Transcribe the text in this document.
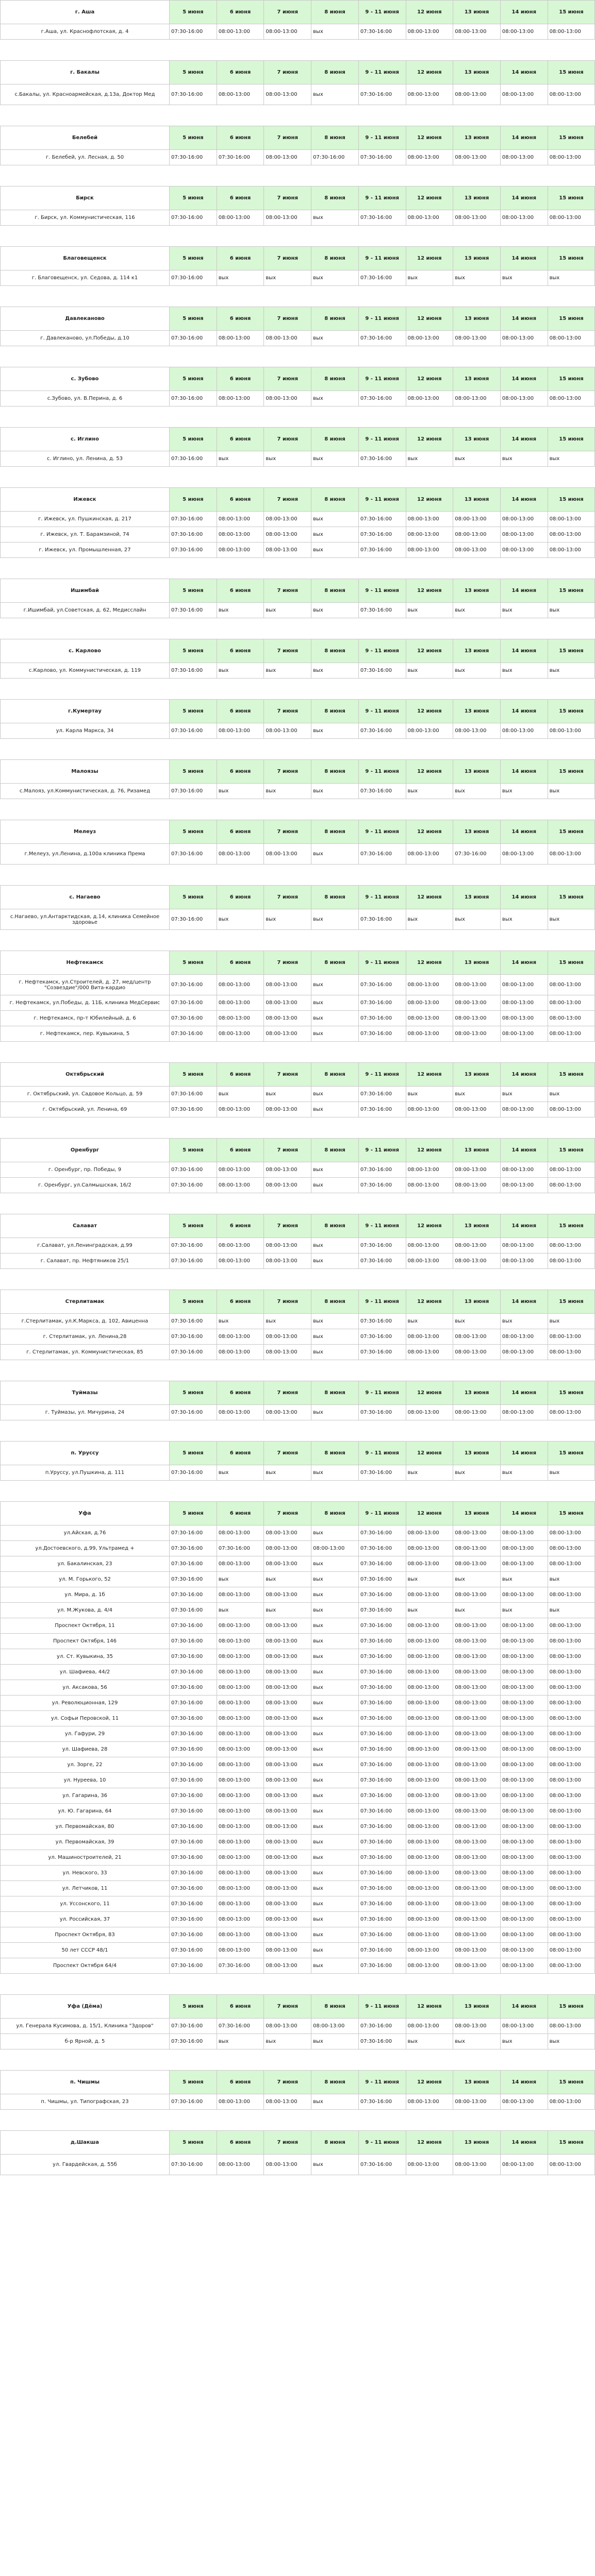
г. Аша	5 июня	6 июня	7 июня	8 июня	9 - 11 июня	12 июня	13 июня	14 июня	15 июня
г.Аша, ул. Краснофлотская, д. 4	07:30-16:00	08:00-13:00	08:00-13:00	вых	07:30-16:00	08:00-13:00	08:00-13:00	08:00-13:00	08:00-13:00
г. Бакалы	5 июня	6 июня	7 июня	8 июня	9 - 11 июня	12 июня	13 июня	14 июня	15 июня
с.Бакалы, ул. Красноармейская, д.13а, Доктор Мед	07:30-16:00	08:00-13:00	08:00-13:00	вых	07:30-16:00	08:00-13:00	08:00-13:00	08:00-13:00	08:00-13:00
Белебей	5 июня	6 июня	7 июня	8 июня	9 - 11 июня	12 июня	13 июня	14 июня	15 июня
г. Белебей, ул. Лесная, д. 50	07:30-16:00	07:30-16:00	08:00-13:00	07:30-16:00	07:30-16:00	08:00-13:00	08:00-13:00	08:00-13:00	08:00-13:00
Бирск	5 июня	6 июня	7 июня	8 июня	9 - 11 июня	12 июня	13 июня	14 июня	15 июня
г. Бирск, ул. Коммунистическая, 116	07:30-16:00	08:00-13:00	08:00-13:00	вых	07:30-16:00	08:00-13:00	08:00-13:00	08:00-13:00	08:00-13:00
Благовещенск	5 июня	6 июня	7 июня	8 июня	9 - 11 июня	12 июня	13 июня	14 июня	15 июня
г. Благовещенск, ул. Седова, д. 114 к1	07:30-16:00	вых	вых	вых	07:30-16:00	вых	вых	вых	вых
Давлеканово	5 июня	6 июня	7 июня	8 июня	9 - 11 июня	12 июня	13 июня	14 июня	15 июня
г. Давлеканово, ул.Победы, д.10	07:30-16:00	08:00-13:00	08:00-13:00	вых	07:30-16:00	08:00-13:00	08:00-13:00	08:00-13:00	08:00-13:00
с. Зубово	5 июня	6 июня	7 июня	8 июня	9 - 11 июня	12 июня	13 июня	14 июня	15 июня
с.Зубово, ул. В.Перина, д. 6	07:30-16:00	08:00-13:00	08:00-13:00	вых	07:30-16:00	08:00-13:00	08:00-13:00	08:00-13:00	08:00-13:00
с. Иглино	5 июня	6 июня	7 июня	8 июня	9 - 11 июня	12 июня	13 июня	14 июня	15 июня
с. Иглино, ул. Ленина, д. 53	07:30-16:00	вых	вых	вых	07:30-16:00	вых	вых	вых	вых
Ижевск	5 июня	6 июня	7 июня	8 июня	9 - 11 июня	12 июня	13 июня	14 июня	15 июня
г. Ижевск, ул. Пушкинская, д. 217	07:30-16:00	08:00-13:00	08:00-13:00	вых	07:30-16:00	08:00-13:00	08:00-13:00	08:00-13:00	08:00-13:00
г. Ижевск, ул. Т. Барамзиной, 74	07:30-16:00	08:00-13:00	08:00-13:00	вых	07:30-16:00	08:00-13:00	08:00-13:00	08:00-13:00	08:00-13:00
г. Ижевск, ул. Промышленная, 27	07:30-16:00	08:00-13:00	08:00-13:00	вых	07:30-16:00	08:00-13:00	08:00-13:00	08:00-13:00	08:00-13:00
Ишимбай	5 июня	6 июня	7 июня	8 июня	9 - 11 июня	12 июня	13 июня	14 июня	15 июня
г.Ишимбай, ул.Советская, д. 62, Медисслайн	07:30-16:00	вых	вых	вых	07:30-16:00	вых	вых	вых	вых
с. Карлово	5 июня	6 июня	7 июня	8 июня	9 - 11 июня	12 июня	13 июня	14 июня	15 июня
с.Карлово, ул. Коммунистическая, д. 119	07:30-16:00	вых	вых	вых	07:30-16:00	вых	вых	вых	вых
г.Кумертау	5 июня	6 июня	7 июня	8 июня	9 - 11 июня	12 июня	13 июня	14 июня	15 июня
ул. Карла Маркса, 34	07:30-16:00	08:00-13:00	08:00-13:00	вых	07:30-16:00	08:00-13:00	08:00-13:00	08:00-13:00	08:00-13:00
Малоязы	5 июня	6 июня	7 июня	8 июня	9 - 11 июня	12 июня	13 июня	14 июня	15 июня
с.Малояз, ул.Коммунистическая, д. 76, Ризамед	07:30-16:00	вых	вых	вых	07:30-16:00	вых	вых	вых	вых
Мелеуз	5 июня	6 июня	7 июня	8 июня	9 - 11 июня	12 июня	13 июня	14 июня	15 июня
г.Мелеуз, ул.Ленина, д.100а клиника Према	07:30-16:00	08:00-13:00	08:00-13:00	вых	07:30-16:00	08:00-13:00	07:30-16:00	08:00-13:00	08:00-13:00
с. Нагаево	5 июня	6 июня	7 июня	8 июня	9 - 11 июня	12 июня	13 июня	14 июня	15 июня
с.Нагаево, ул.Антарктидская, д.14, клиника Семейное здоровье	07:30-16:00	вых	вых	вых	07:30-16:00	вых	вых	вых	вых
Нефтекамск	5 июня	6 июня	7 июня	8 июня	9 - 11 июня	12 июня	13 июня	14 июня	15 июня
г. Нефтекамск, ул.Строителей, д. 27, мед/центр "Созвездие"/000 Вита-кардио	07:30-16:00	08:00-13:00	08:00-13:00	вых	07:30-16:00	08:00-13:00	08:00-13:00	08:00-13:00	08:00-13:00
г. Нефтекамск, ул.Победы, д. 11Б, клиника МедСервис	07:30-16:00	08:00-13:00	08:00-13:00	вых	07:30-16:00	08:00-13:00	08:00-13:00	08:00-13:00	08:00-13:00
г. Нефтекамск, пр-т Юбилейный, д. 6	07:30-16:00	08:00-13:00	08:00-13:00	вых	07:30-16:00	08:00-13:00	08:00-13:00	08:00-13:00	08:00-13:00
г. Нефтекамск, пер. Кувыкина, 5	07:30-16:00	08:00-13:00	08:00-13:00	вых	07:30-16:00	08:00-13:00	08:00-13:00	08:00-13:00	08:00-13:00
Октябрьский	5 июня	6 июня	7 июня	8 июня	9 - 11 июня	12 июня	13 июня	14 июня	15 июня
г. Октябрьский, ул. Садовое Кольцо, д. 59	07:30-16:00	вых	вых	вых	07:30-16:00	вых	вых	вых	вых
г. Октябрьский, ул. Ленина, 69	07:30-16:00	08:00-13:00	08:00-13:00	вых	07:30-16:00	08:00-13:00	08:00-13:00	08:00-13:00	08:00-13:00
Оренбург	5 июня	6 июня	7 июня	8 июня	9 - 11 июня	12 июня	13 июня	14 июня	15 июня
г. Оренбург, пр. Победы, 9	07:30-16:00	08:00-13:00	08:00-13:00	вых	07:30-16:00	08:00-13:00	08:00-13:00	08:00-13:00	08:00-13:00
г. Оренбург, ул.Салмышская, 16/2	07:30-16:00	08:00-13:00	08:00-13:00	вых	07:30-16:00	08:00-13:00	08:00-13:00	08:00-13:00	08:00-13:00
Салават	5 июня	6 июня	7 июня	8 июня	9 - 11 июня	12 июня	13 июня	14 июня	15 июня
г.Салават, ул.Ленинградская, д.99	07:30-16:00	08:00-13:00	08:00-13:00	вых	07:30-16:00	08:00-13:00	08:00-13:00	08:00-13:00	08:00-13:00
г. Салават, пр. Нефтяников 25/1	07:30-16:00	08:00-13:00	08:00-13:00	вых	07:30-16:00	08:00-13:00	08:00-13:00	08:00-13:00	08:00-13:00
Стерлитамак	5 июня	6 июня	7 июня	8 июня	9 - 11 июня	12 июня	13 июня	14 июня	15 июня
г.Стерлитамак, ул.К.Маркса, д. 102, Авиценна	07:30-16:00	вых	вых	вых	07:30-16:00	вых	вых	вых	вых
г. Стерлитамак, ул. Ленина,28	07:30-16:00	08:00-13:00	08:00-13:00	вых	07:30-16:00	08:00-13:00	08:00-13:00	08:00-13:00	08:00-13:00
г. Стерлитамак, ул. Коммунистическая, 85	07:30-16:00	08:00-13:00	08:00-13:00	вых	07:30-16:00	08:00-13:00	08:00-13:00	08:00-13:00	08:00-13:00
Туймазы	5 июня	6 июня	7 июня	8 июня	9 - 11 июня	12 июня	13 июня	14 июня	15 июня
г. Туймазы, ул. Мичурина, 24	07:30-16:00	08:00-13:00	08:00-13:00	вых	07:30-16:00	08:00-13:00	08:00-13:00	08:00-13:00	08:00-13:00
п. Уруссу	5 июня	6 июня	7 июня	8 июня	9 - 11 июня	12 июня	13 июня	14 июня	15 июня
п.Уруссу, ул.Пушкина, д. 111	07:30-16:00	вых	вых	вых	07:30-16:00	вых	вых	вых	вых
Уфа	5 июня	6 июня	7 июня	8 июня	9 - 11 июня	12 июня	13 июня	14 июня	15 июня
ул.Айская, д.76	07:30-16:00	08:00-13:00	08:00-13:00	вых	07:30-16:00	08:00-13:00	08:00-13:00	08:00-13:00	08:00-13:00
ул.Достоевского, д.99, Ультрамед +	07:30-16:00	07:30-16:00	08:00-13:00	08:00-13:00	07:30-16:00	08:00-13:00	08:00-13:00	08:00-13:00	08:00-13:00
ул. Бакалинская, 23	07:30-16:00	08:00-13:00	08:00-13:00	вых	07:30-16:00	08:00-13:00	08:00-13:00	08:00-13:00	08:00-13:00
ул. М. Горького, 52	07:30-16:00	вых	вых	вых	07:30-16:00	вых	вых	вых	вых
ул. Мира, д. 1б	07:30-16:00	08:00-13:00	08:00-13:00	вых	07:30-16:00	08:00-13:00	08:00-13:00	08:00-13:00	08:00-13:00
ул. М.Жукова, д. 4/4	07:30-16:00	вых	вых	вых	07:30-16:00	вых	вых	вых	вых
Проспект Октября, 11	07:30-16:00	08:00-13:00	08:00-13:00	вых	07:30-16:00	08:00-13:00	08:00-13:00	08:00-13:00	08:00-13:00
Проспект Октября, 146	07:30-16:00	08:00-13:00	08:00-13:00	вых	07:30-16:00	08:00-13:00	08:00-13:00	08:00-13:00	08:00-13:00
ул. Ст. Кувыкина, 35	07:30-16:00	08:00-13:00	08:00-13:00	вых	07:30-16:00	08:00-13:00	08:00-13:00	08:00-13:00	08:00-13:00
ул. Шафиева, 44/2	07:30-16:00	08:00-13:00	08:00-13:00	вых	07:30-16:00	08:00-13:00	08:00-13:00	08:00-13:00	08:00-13:00
ул. Аксакова, 56	07:30-16:00	08:00-13:00	08:00-13:00	вых	07:30-16:00	08:00-13:00	08:00-13:00	08:00-13:00	08:00-13:00
ул. Революционная, 129	07:30-16:00	08:00-13:00	08:00-13:00	вых	07:30-16:00	08:00-13:00	08:00-13:00	08:00-13:00	08:00-13:00
ул. Софьи Перовской, 11	07:30-16:00	08:00-13:00	08:00-13:00	вых	07:30-16:00	08:00-13:00	08:00-13:00	08:00-13:00	08:00-13:00
ул. Гафури, 29	07:30-16:00	08:00-13:00	08:00-13:00	вых	07:30-16:00	08:00-13:00	08:00-13:00	08:00-13:00	08:00-13:00
ул. Шафиева, 28	07:30-16:00	08:00-13:00	08:00-13:00	вых	07:30-16:00	08:00-13:00	08:00-13:00	08:00-13:00	08:00-13:00
ул. Зорге, 22	07:30-16:00	08:00-13:00	08:00-13:00	вых	07:30-16:00	08:00-13:00	08:00-13:00	08:00-13:00	08:00-13:00
ул. Нуреева, 10	07:30-16:00	08:00-13:00	08:00-13:00	вых	07:30-16:00	08:00-13:00	08:00-13:00	08:00-13:00	08:00-13:00
ул. Гагарина, 36	07:30-16:00	08:00-13:00	08:00-13:00	вых	07:30-16:00	08:00-13:00	08:00-13:00	08:00-13:00	08:00-13:00
ул. Ю. Гагарина, 64	07:30-16:00	08:00-13:00	08:00-13:00	вых	07:30-16:00	08:00-13:00	08:00-13:00	08:00-13:00	08:00-13:00
ул. Первомайская, 80	07:30-16:00	08:00-13:00	08:00-13:00	вых	07:30-16:00	08:00-13:00	08:00-13:00	08:00-13:00	08:00-13:00
ул. Первомайская, 39	07:30-16:00	08:00-13:00	08:00-13:00	вых	07:30-16:00	08:00-13:00	08:00-13:00	08:00-13:00	08:00-13:00
ул. Машиностроителей, 21	07:30-16:00	08:00-13:00	08:00-13:00	вых	07:30-16:00	08:00-13:00	08:00-13:00	08:00-13:00	08:00-13:00
ул. Невского, 33	07:30-16:00	08:00-13:00	08:00-13:00	вых	07:30-16:00	08:00-13:00	08:00-13:00	08:00-13:00	08:00-13:00
ул. Летчиков, 11	07:30-16:00	08:00-13:00	08:00-13:00	вых	07:30-16:00	08:00-13:00	08:00-13:00	08:00-13:00	08:00-13:00
ул. Уссонского, 11	07:30-16:00	08:00-13:00	08:00-13:00	вых	07:30-16:00	08:00-13:00	08:00-13:00	08:00-13:00	08:00-13:00
ул. Российская, 37	07:30-16:00	08:00-13:00	08:00-13:00	вых	07:30-16:00	08:00-13:00	08:00-13:00	08:00-13:00	08:00-13:00
Проспект Октября, 83	07:30-16:00	08:00-13:00	08:00-13:00	вых	07:30-16:00	08:00-13:00	08:00-13:00	08:00-13:00	08:00-13:00
50 лет СССР 48/1	07:30-16:00	08:00-13:00	08:00-13:00	вых	07:30-16:00	08:00-13:00	08:00-13:00	08:00-13:00	08:00-13:00
Проспект Октября 64/4	07:30-16:00	07:30-16:00	08:00-13:00	вых	07:30-16:00	08:00-13:00	08:00-13:00	08:00-13:00	08:00-13:00
Уфа (Дёма)	5 июня	6 июня	7 июня	8 июня	9 - 11 июня	12 июня	13 июня	14 июня	15 июня
ул. Генерала Кусимова, д. 15/1, Клиника "Здоров"	07:30-16:00	07:30-16:00	08:00-13:00	08:00-13:00	07:30-16:00	08:00-13:00	08:00-13:00	08:00-13:00	08:00-13:00
б-р Ярной, д. 5	07:30-16:00	вых	вых	вых	07:30-16:00	вых	вых	вых	вых
п. Чишмы	5 июня	6 июня	7 июня	8 июня	9 - 11 июня	12 июня	13 июня	14 июня	15 июня
п. Чишмы, ул. Типографская, 23	07:30-16:00	08:00-13:00	08:00-13:00	вых	07:30-16:00	08:00-13:00	08:00-13:00	08:00-13:00	08:00-13:00
д.Шакша	5 июня	6 июня	7 июня	8 июня	9 - 11 июня	12 июня	13 июня	14 июня	15 июня
ул. Гвардейская, д. 55б	07:30-16:00	08:00-13:00	08:00-13:00	вых	07:30-16:00	08:00-13:00	08:00-13:00	08:00-13:00	08:00-13:00
